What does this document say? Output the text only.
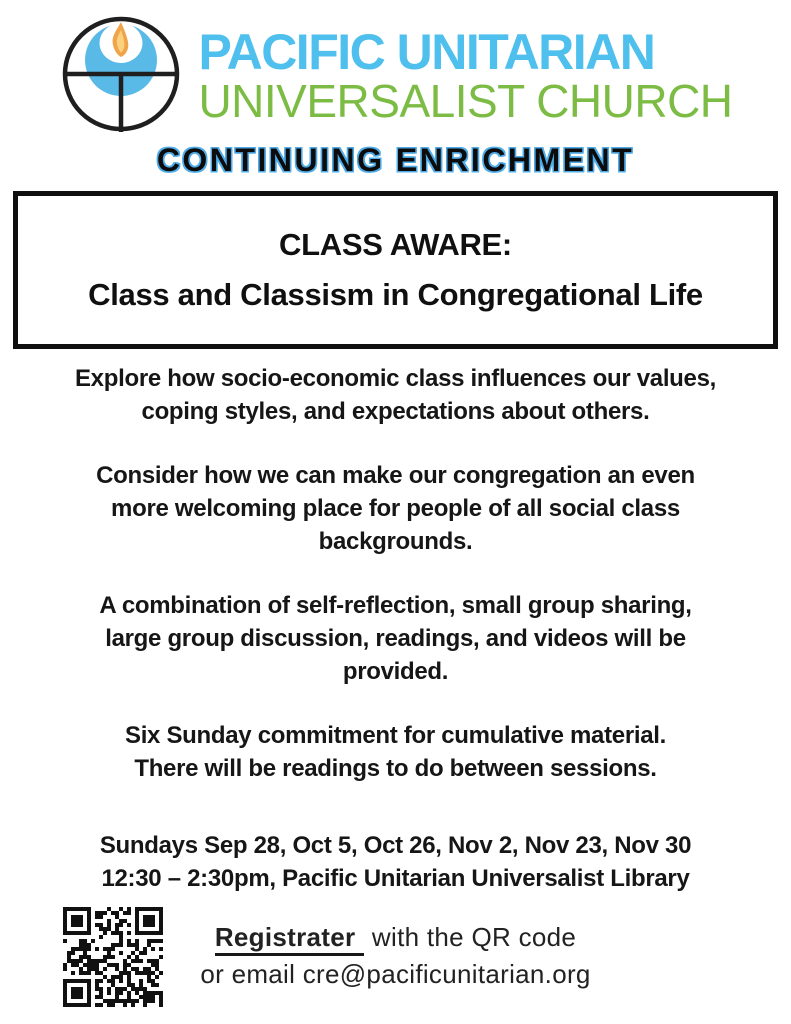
PACIFIC UNITARIAN
UNIVERSALIST CHURCH
CONTINUING ENRICHMENT
CLASS AWARE:
Class and Classism in Congregational Life

Explore how socio-economic class influences our values,
coping styles, and expectations about others.

Consider how we can make our congregation an even
more welcoming place for people of all social class
backgrounds.

A combination of self-reflection, small group sharing,
large group discussion, readings, and videos will be
provided.

Six Sunday commitment for cumulative material.
There will be readings to do between sessions.

Sundays Sep 28, Oct 5, Oct 26, Nov 2, Nov 23, Nov 30
12:30 – 2:30pm, Pacific Unitarian Universalist Library

Registrater with the QR code
or email cre@pacificunitarian.org
